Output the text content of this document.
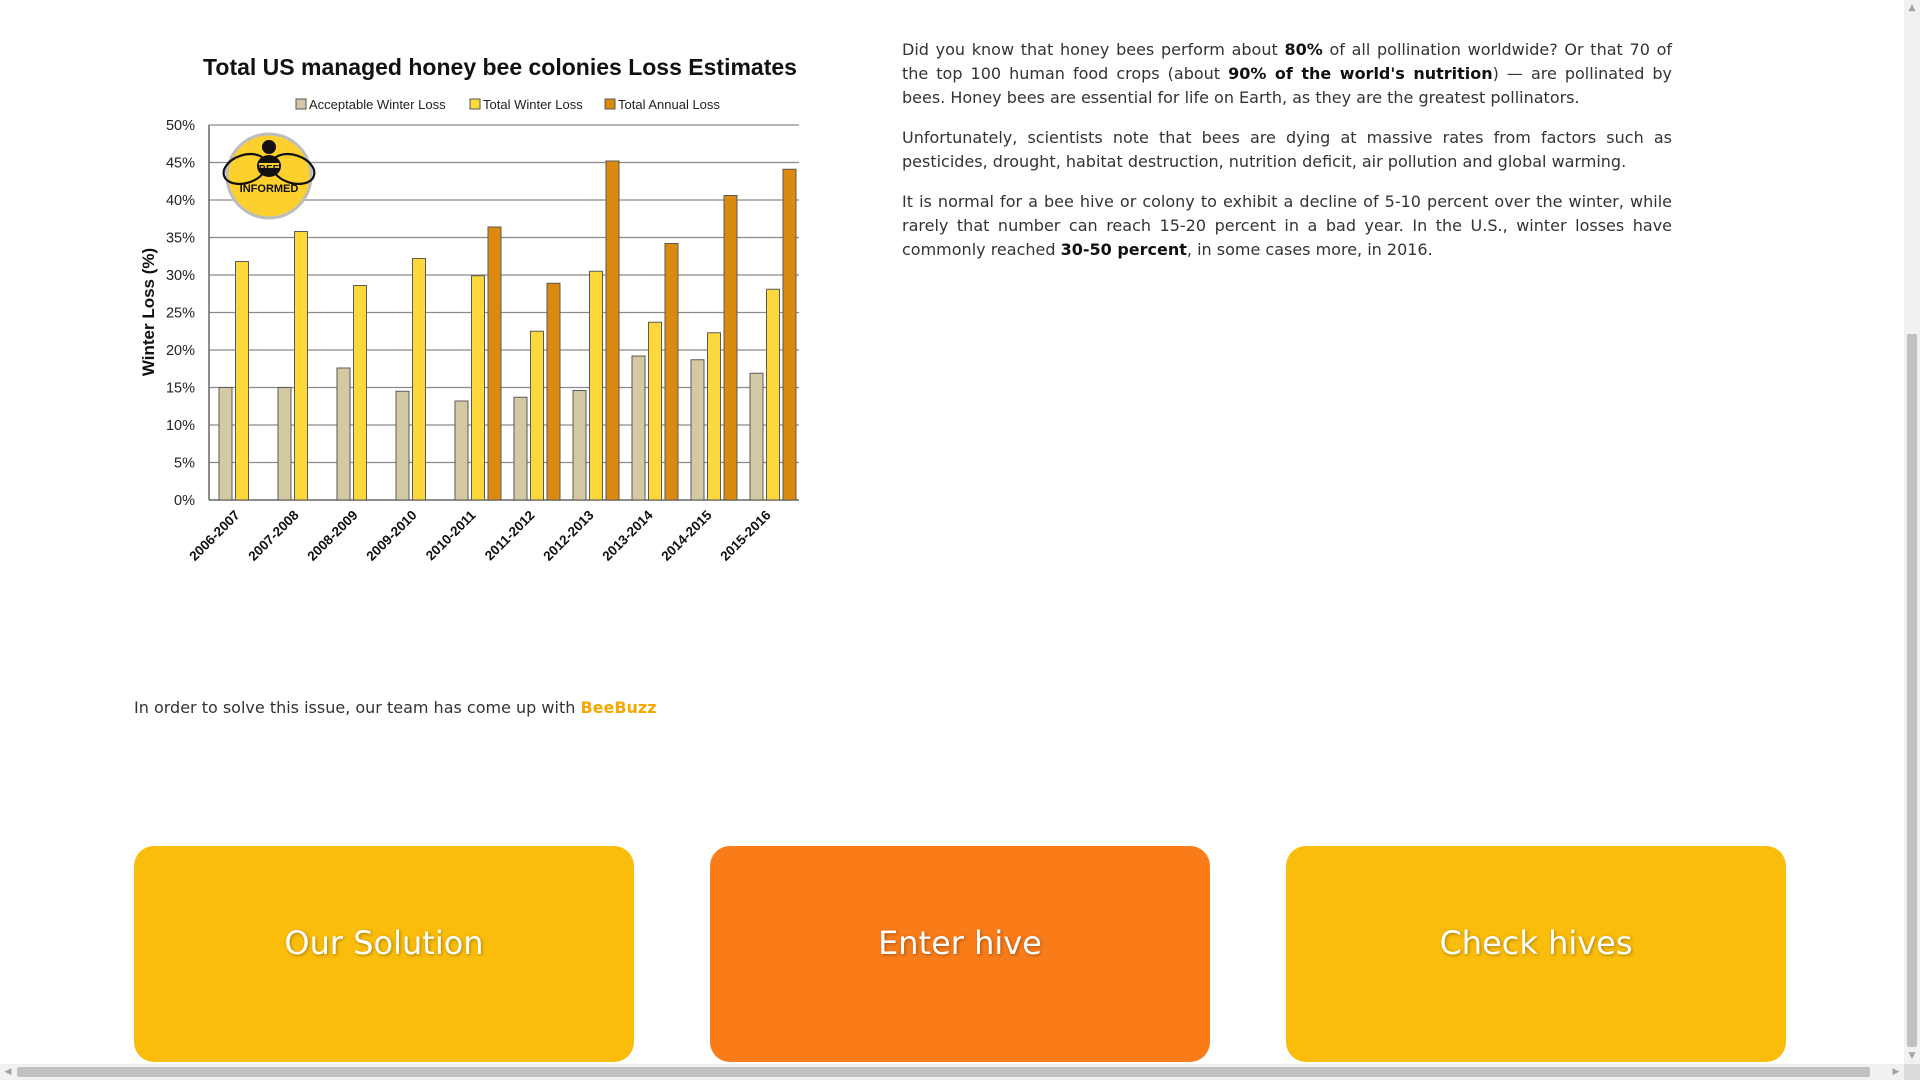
Total US managed honey bee colonies Loss Estimates
Acceptable Winter Loss	Total Winter Loss	Total Annual Loss
0%
5%
10%
15%
20%
25%
30%
35%
40%
45%
50%
2006-2007 2007-2008 2008-2009 2009-2010 2010-2011 2011-2012 2012-2013 2013-2014 2014-2015 2015-2016
Winter Loss (%)
BEE
INFORMED

Did you know that honey bees perform about 80% of all pollination worldwide? Or that 70 of the top 100 human food crops (about 90% of the world's nutrition) — are pollinated by bees. Honey bees are essential for life on Earth, as they are the greatest pollinators.

Unfortunately, scientists note that bees are dying at massive rates from factors such as pesticides, drought, habitat destruction, nutrition deficit, air pollution and global warming.

It is normal for a bee hive or colony to exhibit a decline of 5-10 percent over the winter, while rarely that number can reach 15-20 percent in a bad year. In the U.S., winter losses have commonly reached 30-50 percent, in some cases more, in 2016.

In order to solve this issue, our team has come up with BeeBuzz
Our Solution	Enter hive	Check hives
▲
▼
◀	▶
